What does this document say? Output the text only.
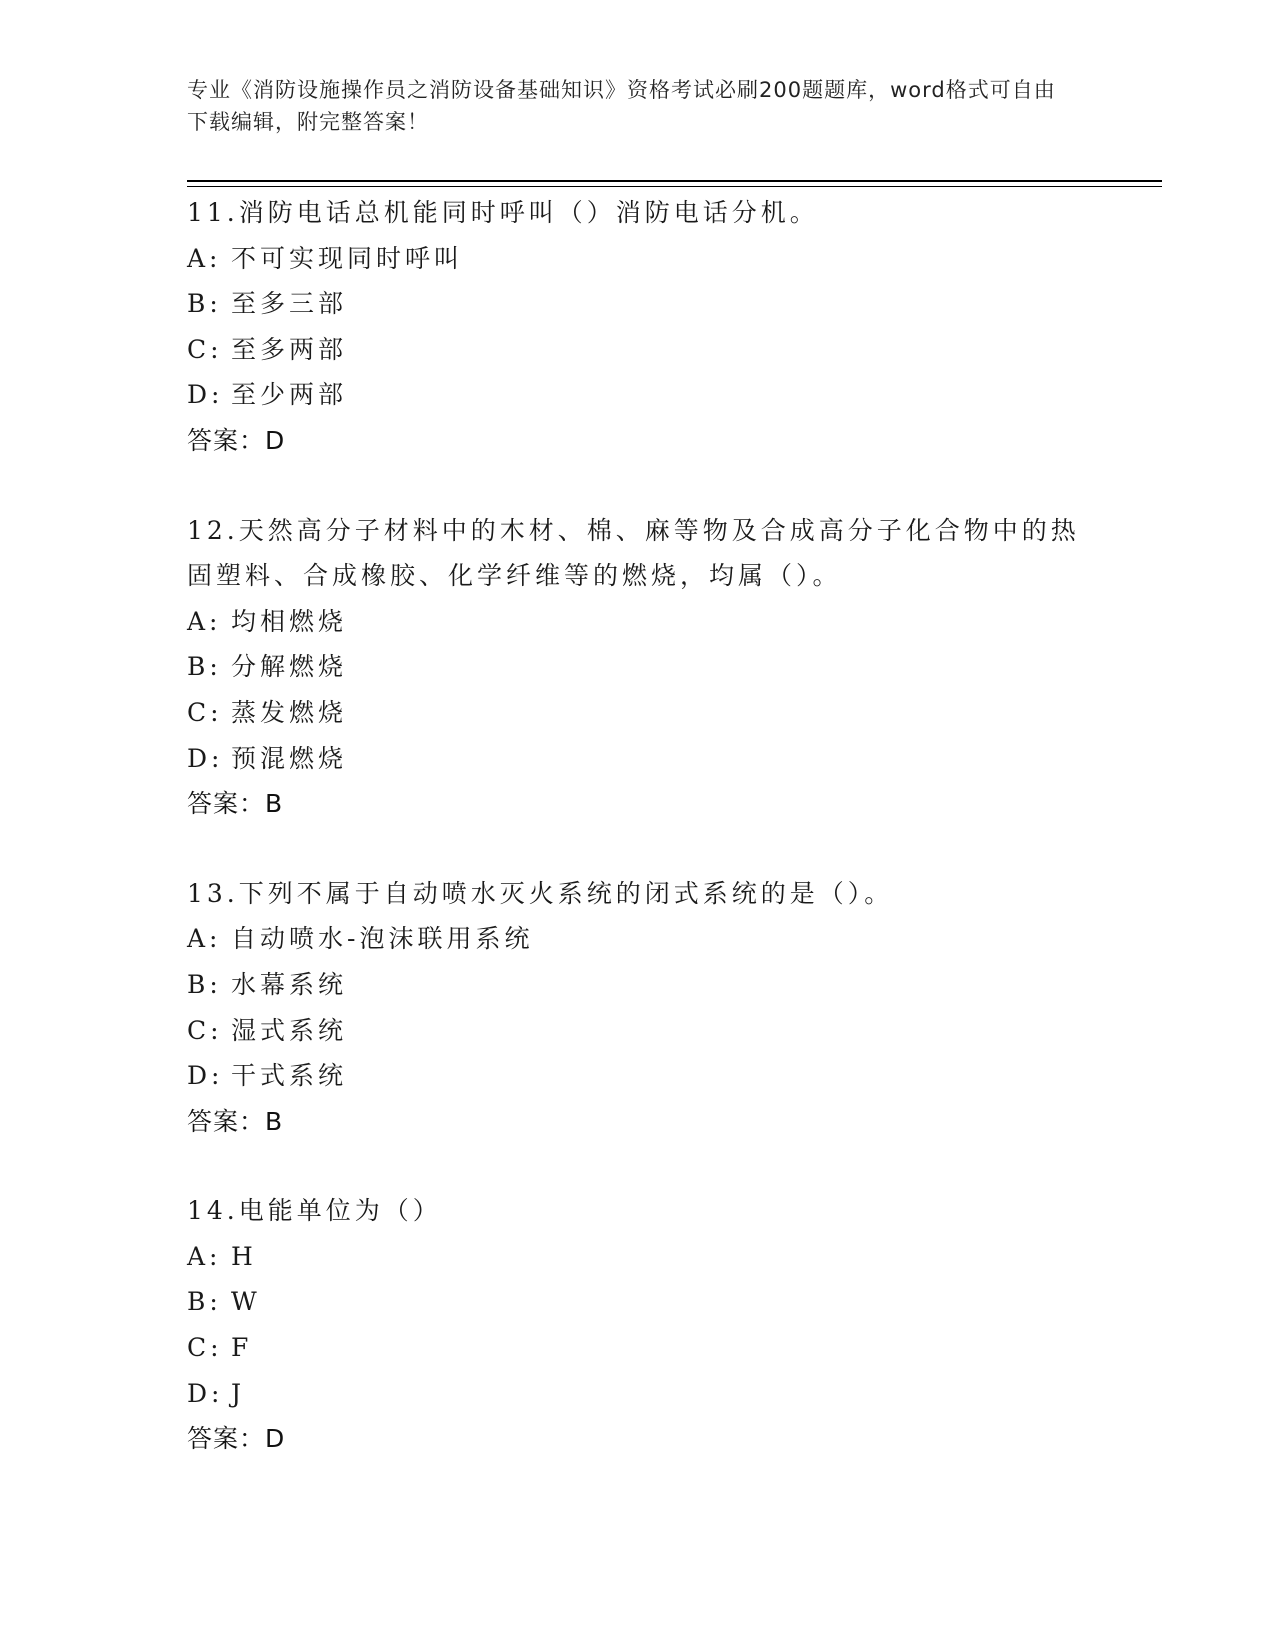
专业《消防设施操作员之消防设备基础知识》资格考试必刷200题题库，word格式可自由下载编辑，附完整答案！
11.消防电话总机能同时呼叫（）消防电话分机。
A: 不可实现同时呼叫
B: 至多三部
C: 至多两部
D: 至少两部
答案：D
12.天然高分子材料中的木材、棉、麻等物及合成高分子化合物中的热固塑料、合成橡胶、化学纤维等的燃烧，均属（）。
A: 均相燃烧
B: 分解燃烧
C: 蒸发燃烧
D: 预混燃烧
答案：B
13.下列不属于自动喷水灭火系统的闭式系统的是（）。
A: 自动喷水-泡沫联用系统
B: 水幕系统
C: 湿式系统
D: 干式系统
答案：B
14.电能单位为（）
A: H
B: W
C: F
D: J
答案：D
